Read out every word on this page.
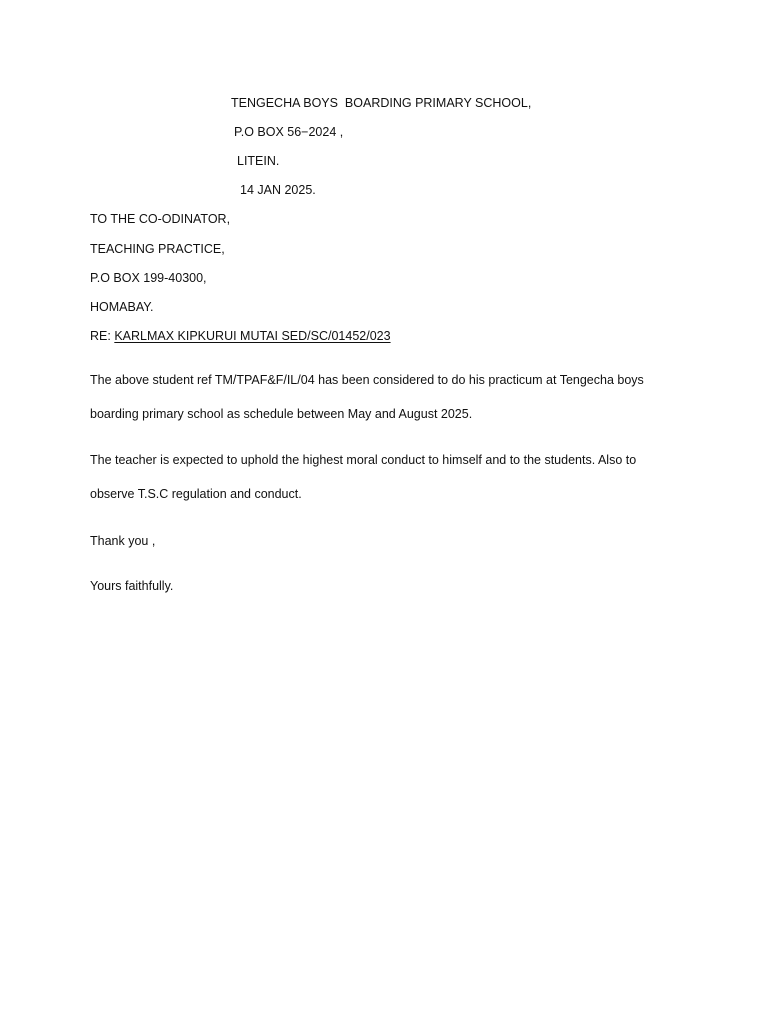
TENGECHA BOYS  BOARDING PRIMARY SCHOOL,
P.O BOX 56−2024 ,
LITEIN.
14 JAN 2025.
TO THE CO-ODINATOR,
TEACHING PRACTICE,
P.O BOX 199-40300,
HOMABAY.
RE: KARLMAX KIPKURUI MUTAI SED/SC/01452/023

The above student ref TM/TPAF&F/IL/04 has been considered to do his practicum at Tengecha boys boarding primary school as schedule between May and August 2025.

The teacher is expected to uphold the highest moral conduct to himself and to the students. Also to observe T.S.C regulation and conduct.

Thank you ,
Yours faithfully.
